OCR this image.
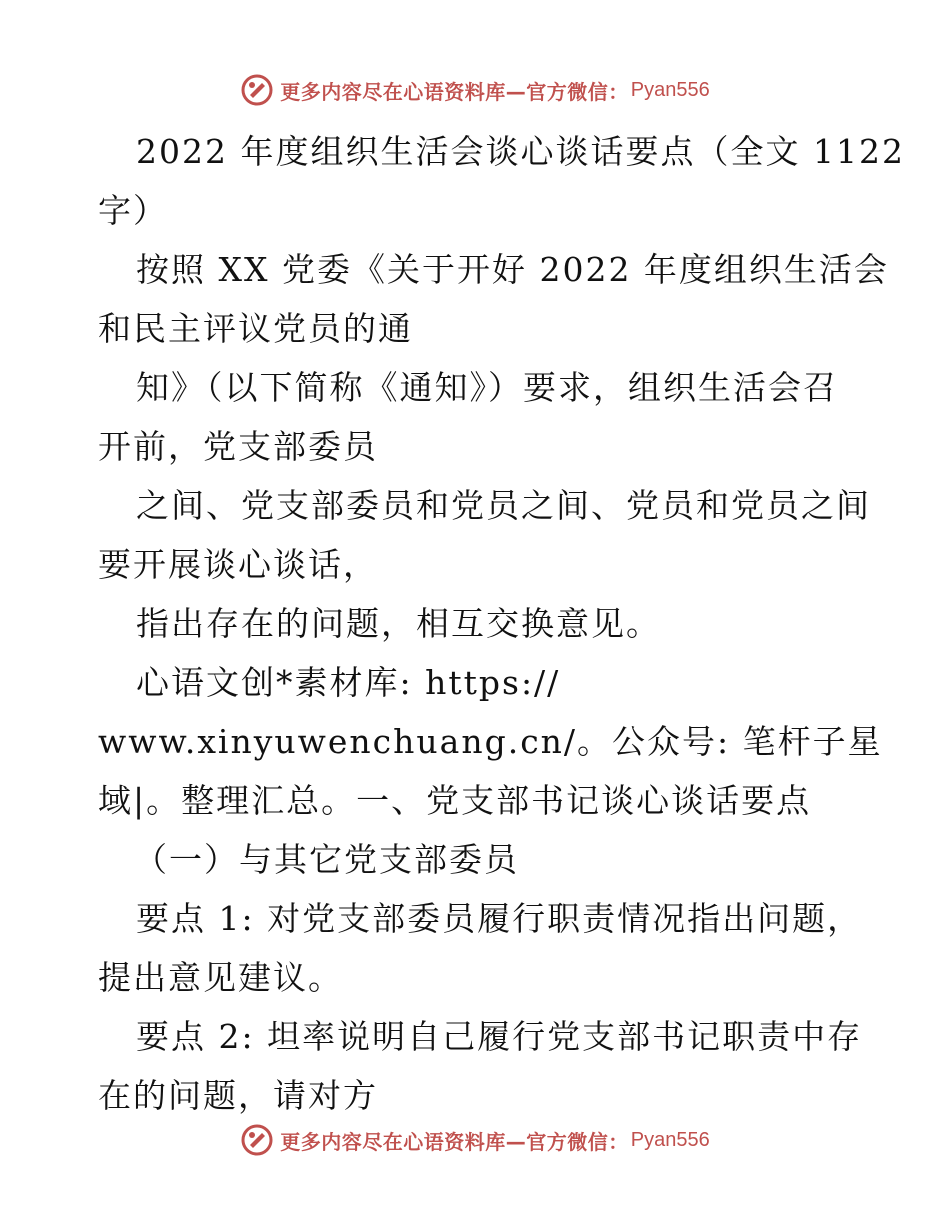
更多内容尽在心语资料库—官方微信： Pyan556
2022 年度组织生活会谈心谈话要点（全文 1122
字）
按照 XX 党委《关于开好 2022 年度组织生活会
和民主评议党员的通
知》（以下简称《通知》）要求，组织生活会召
开前，党支部委员
之间、党支部委员和党员之间、党员和党员之间
要开展谈心谈话，
指出存在的问题，相互交换意见。
心语文创*素材库: https://
www.xinyuwenchuang.cn/。公众号: 笔杆子星
域|。整理汇总。一、党支部书记谈心谈话要点
（一）与其它党支部委员
要点 1: 对党支部委员履行职责情况指出问题，
提出意见建议。
要点 2: 坦率说明自己履行党支部书记职责中存
在的问题，请对方
更多内容尽在心语资料库—官方微信： Pyan556
